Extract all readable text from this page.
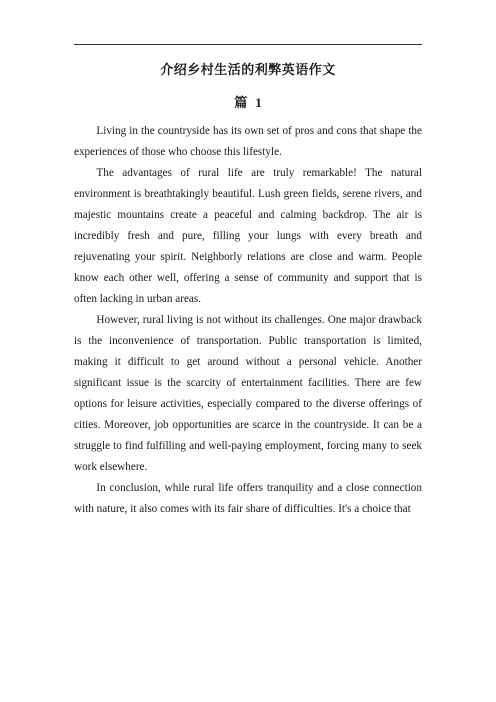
介绍乡村生活的利弊英语作文
篇 1

Living in the countryside has its own set of pros and cons that shape the experiences of those who choose this lifestyle.

The advantages of rural life are truly remarkable! The natural environment is breathtakingly beautiful. Lush green fields, serene rivers, and majestic mountains create a peaceful and calming backdrop. The air is incredibly fresh and pure, filling your lungs with every breath and rejuvenating your spirit. Neighborly relations are close and warm. People know each other well, offering a sense of community and support that is often lacking in urban areas.

However, rural living is not without its challenges. One major drawback is the inconvenience of transportation. Public transportation is limited, making it difficult to get around without a personal vehicle. Another significant issue is the scarcity of entertainment facilities. There are few options for leisure activities, especially compared to the diverse offerings of cities. Moreover, job opportunities are scarce in the countryside. It can be a struggle to find fulfilling and well-paying employment, forcing many to seek work elsewhere.

In conclusion, while rural life offers tranquility and a close connection with nature, it also comes with its fair share of difficulties. It's a choice that
